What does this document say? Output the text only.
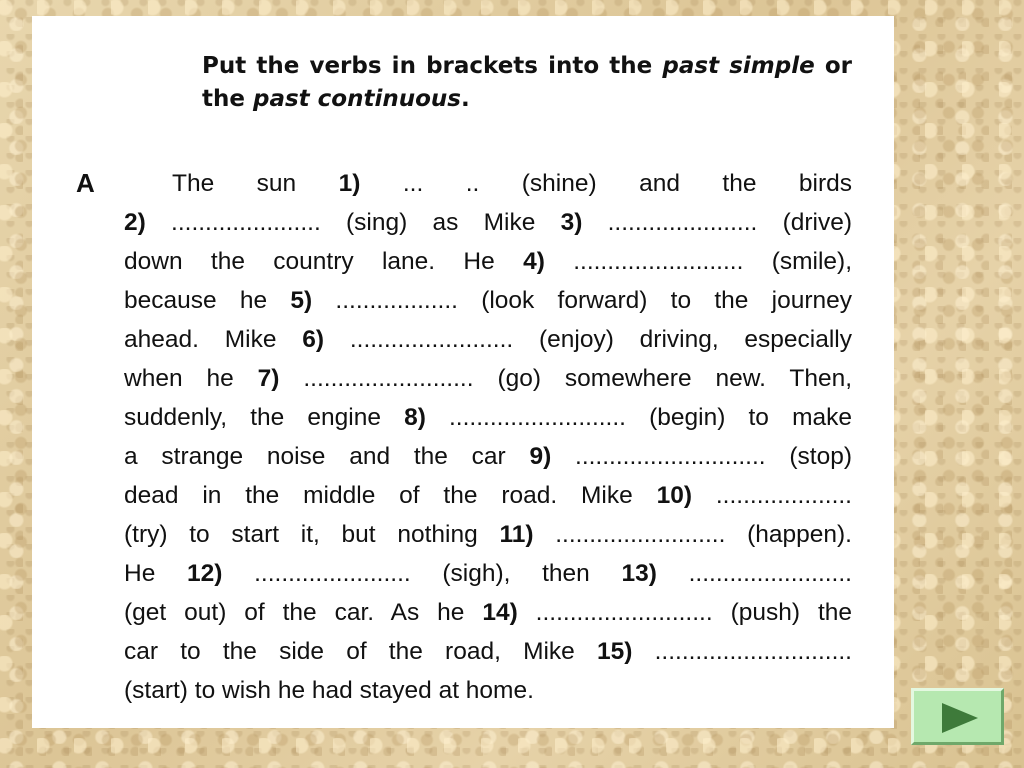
Put the verbs in brackets into the past simple or the past continuous.
A	The sun 1) ... .. (shine) and the birds
2) ...................... (sing) as Mike 3) ...................... (drive)
down the country lane. He 4) ......................... (smile),
because he 5) .................. (look forward) to the journey
ahead. Mike 6) ........................ (enjoy) driving, especially
when he 7) ......................... (go) somewhere new. Then,
suddenly, the engine 8) .......................... (begin) to make
a strange noise and the car 9) ............................ (stop)
dead in the middle of the road. Mike 10) ....................
(try) to start it, but nothing 11) ......................... (happen).
He 12) ....................... (sigh), then 13) ........................
(get out) of the car. As he 14) .......................... (push) the
car to the side of the road, Mike 15) .............................
(start) to wish he had stayed at home.
